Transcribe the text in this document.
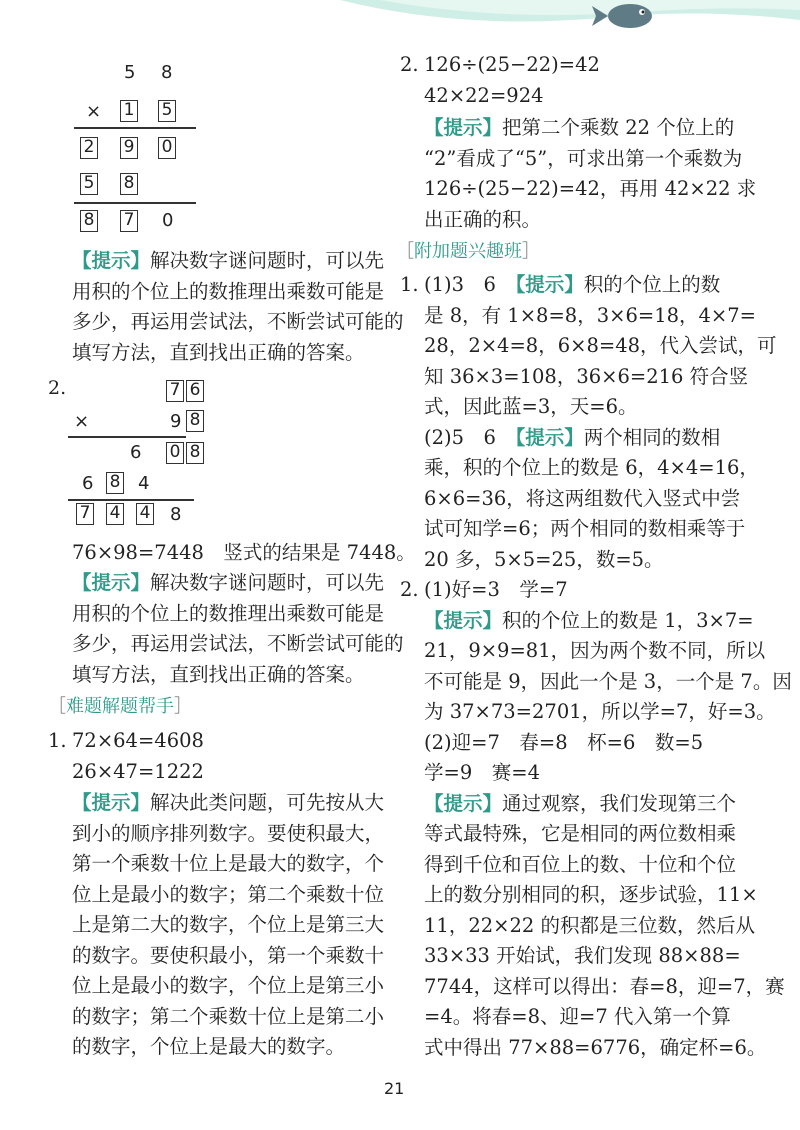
5 8
× 1 5
2 9 0
5 8
8 7 0
【提示】解决数字谜问题时，可以先
用积的个位上的数推理出乘数可能是
多少，再运用尝试法，不断尝试可能的
填写方法，直到找出正确的答案。
2.	7 6
×	9 8
6 0 8
6 8 4
7 4 4 8
76×98=7448　竖式的结果是 7448。
【提示】解决数字谜问题时，可以先
用积的个位上的数推理出乘数可能是
多少，再运用尝试法，不断尝试可能的
填写方法，直到找出正确的答案。
［难题解题帮手］
1. 72×64=4608
26×47=1222
【提示】解决此类问题，可先按从大
到小的顺序排列数字。要使积最大，
第一个乘数十位上是最大的数字，个
位上是最小的数字；第二个乘数十位
上是第二大的数字，个位上是第三大
的数字。要使积最小，第一个乘数十
位上是最小的数字，个位上是第三小
的数字；第二个乘数十位上是第二小
的数字，个位上是最大的数字。
2. 126÷(25−22)=42
42×22=924
【提示】把第二个乘数 22 个位上的
“2”看成了“5”，可求出第一个乘数为
126÷(25−22)=42，再用 42×22 求
出正确的积。
［附加题兴趣班］
1. (1)3　6　【提示】积的个位上的数
是 8，有 1×8=8，3×6=18，4×7=
28，2×4=8，6×8=48，代入尝试，可
知 36×3=108，36×6=216 符合竖
式，因此蓝=3，天=6。
(2)5　6　【提示】两个相同的数相
乘，积的个位上的数是 6，4×4=16，
6×6=36，将这两组数代入竖式中尝
试可知学=6；两个相同的数相乘等于
20 多，5×5=25，数=5。
2. (1)好=3　学=7
【提示】积的个位上的数是 1，3×7=
21，9×9=81，因为两个数不同，所以
不可能是 9，因此一个是 3，一个是 7。因
为 37×73=2701，所以学=7，好=3。
(2)迎=7　春=8　杯=6　数=5
学=9　赛=4
【提示】通过观察，我们发现第三个
等式最特殊，它是相同的两位数相乘
得到千位和百位上的数、十位和个位
上的数分别相同的积，逐步试验，11×
11，22×22 的积都是三位数，然后从
33×33 开始试，我们发现 88×88=
7744，这样可以得出：春=8，迎=7，赛
=4。将春=8、迎=7 代入第一个算
式中得出 77×88=6776，确定杯=6。
21
